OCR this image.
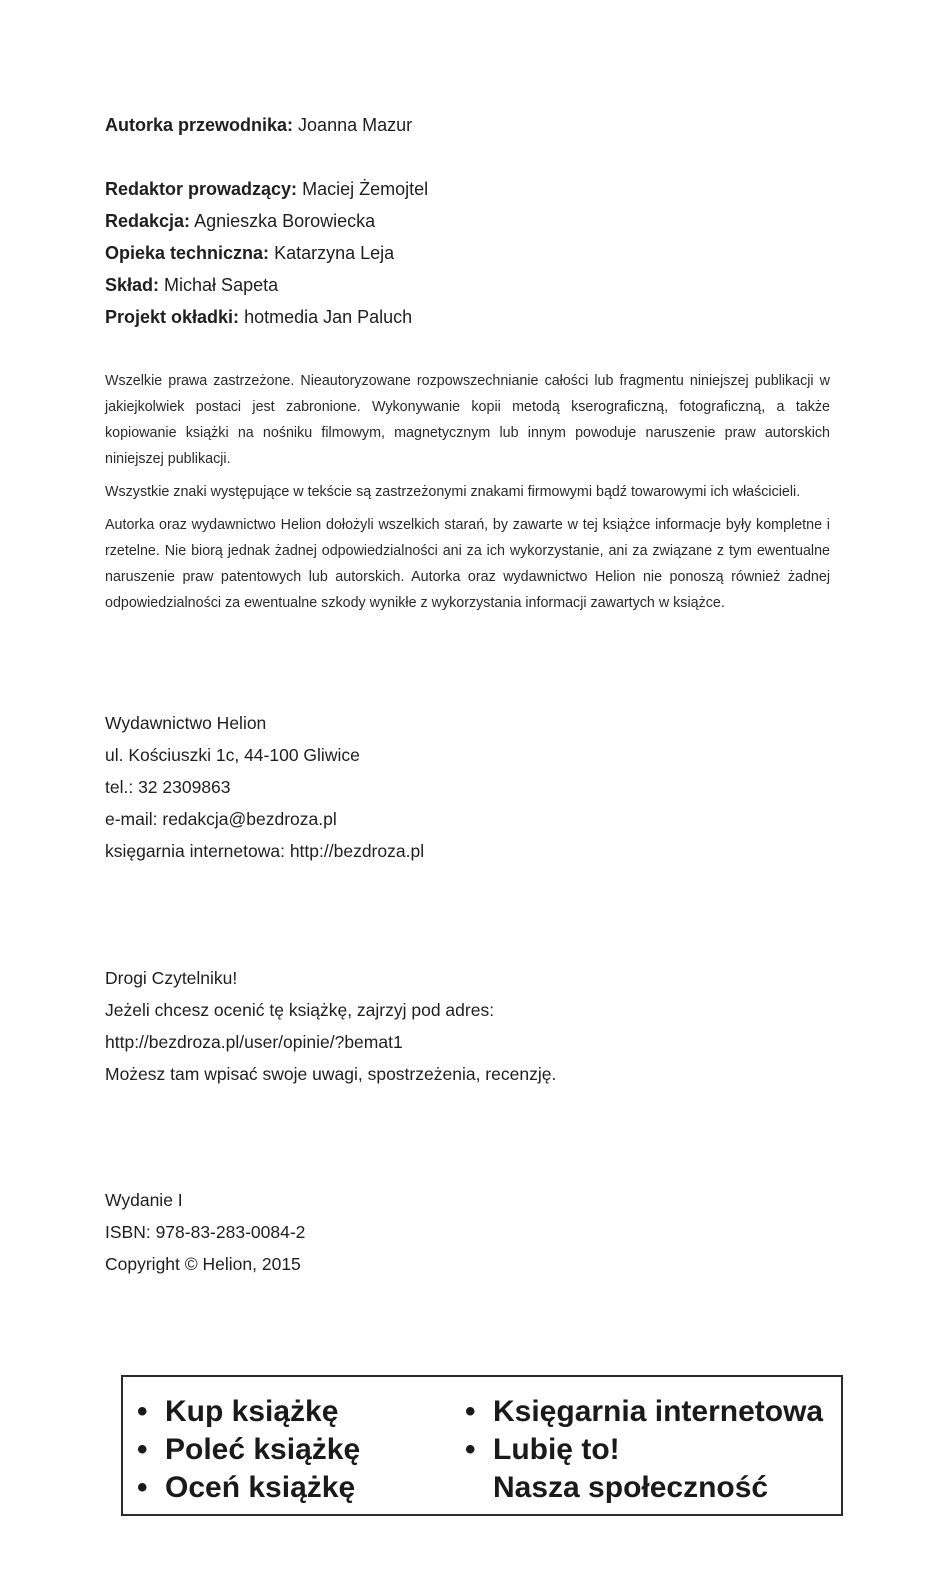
Autorka przewodnika: Joanna Mazur
Redaktor prowadzący: Maciej Żemojtel
Redakcja: Agnieszka Borowiecka
Opieka techniczna: Katarzyna Leja
Skład: Michał Sapeta
Projekt okładki: hotmedia Jan Paluch

Wszelkie prawa zastrzeżone. Nieautoryzowane rozpowszechnianie całości lub fragmentu niniejszej publikacji w jakiejkolwiek postaci jest zabronione. Wykonywanie kopii metodą kserograficzną, fotograficzną, a także kopiowanie książki na nośniku filmowym, magnetycznym lub innym powoduje naruszenie praw autorskich niniejszej publikacji.

Wszystkie znaki występujące w tekście są zastrzeżonymi znakami firmowymi bądź towarowymi ich właścicieli.

Autorka oraz wydawnictwo Helion dołożyli wszelkich starań, by zawarte w tej książce informacje były kompletne i rzetelne. Nie biorą jednak żadnej odpowiedzialności ani za ich wykorzystanie, ani za związane z tym ewentualne naruszenie praw patentowych lub autorskich. Autorka oraz wydawnictwo Helion nie ponoszą również żadnej odpowiedzialności za ewentualne szkody wynikłe z wykorzystania informacji zawartych w książce.

Wydawnictwo Helion
ul. Kościuszki 1c, 44-100 Gliwice
tel.: 32 2309863
e-mail: redakcja@bezdroza.pl
księgarnia internetowa: http://bezdroza.pl
Drogi Czytelniku!
Jeżeli chcesz ocenić tę książkę, zajrzyj pod adres:
http://bezdroza.pl/user/opinie/?bemat1
Możesz tam wpisać swoje uwagi, spostrzeżenia, recenzję.
Wydanie I
ISBN: 978-83-283-0084-2
Copyright © Helion, 2015
• Kup książkę
• Poleć książkę
• Oceń książkę
• Księgarnia internetowa
• Lubię to!
Nasza społeczność
